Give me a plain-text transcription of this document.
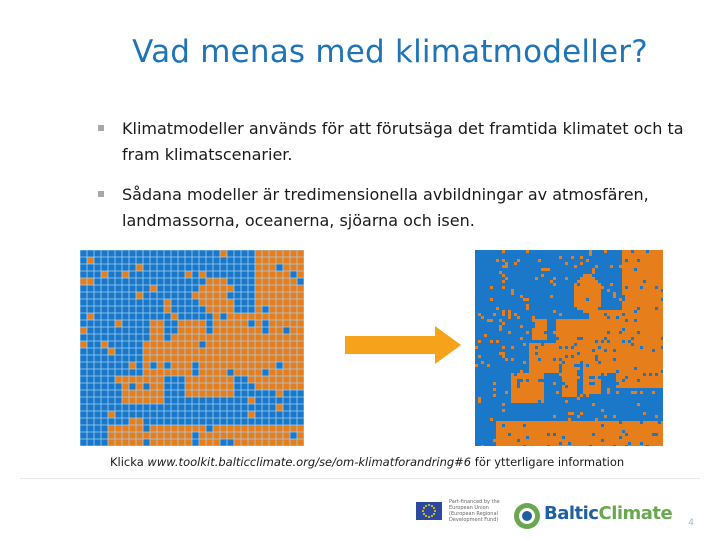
Vad menas med klimatmodeller?
Klimatmodeller används för att förutsäga det framtida klimatet och ta fram klimatscenarier.
Sådana modeller är tredimensionella avbildningar av atmosfären, landmassorna, oceanerna, sjöarna och isen.
Klicka www.toolkit.balticclimate.org/se/om-klimatforandring#6 för ytterligare information
Part-financed by the European Union (European Regional Development Fund)	BalticClimate 4
